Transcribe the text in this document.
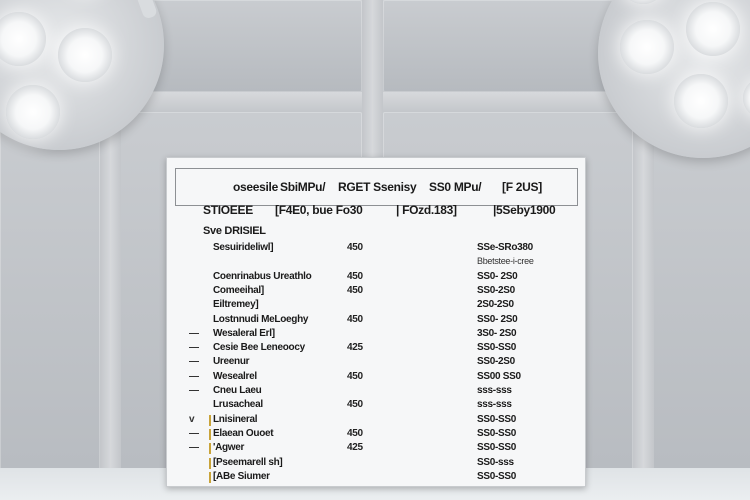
oseesile SbiMPu/ RGET Ssenisy SS0 MPu/ [F 2US]
STIOEEE [F4E0, bue Fo30	| FOzd.183]	|5Seby1900
Sve DRISIEL
Sesuirideliwl]	450	SSe-SRo380
Bbetstee-i-cree
Coenrinabus Ureathlo	450	SS0- 2S0
Comeeihal]	450	SS0-2S0
Eiltremey]	2S0-2S0
Lostnnudi MeLoeghy	450	SS0- 2S0
— Wesaleral Erl]	3S0- 2S0
— Cesie Bee Leneoocy	425	SS0-SS0
— Ureenur	SS0-2S0
— Wesealrel	450	SS00 SS0
— Cneu Laeu	sss-sss
Lrusacheal	450	sss-sss
v Lnisineral	SS0-SS0
— Elaean Ouoet	450	SS0-SS0
— 'Agwer	425	SS0-SS0
[Pseemarell sh]	SS0-sss
[ABe Siumer	SS0-SS0
